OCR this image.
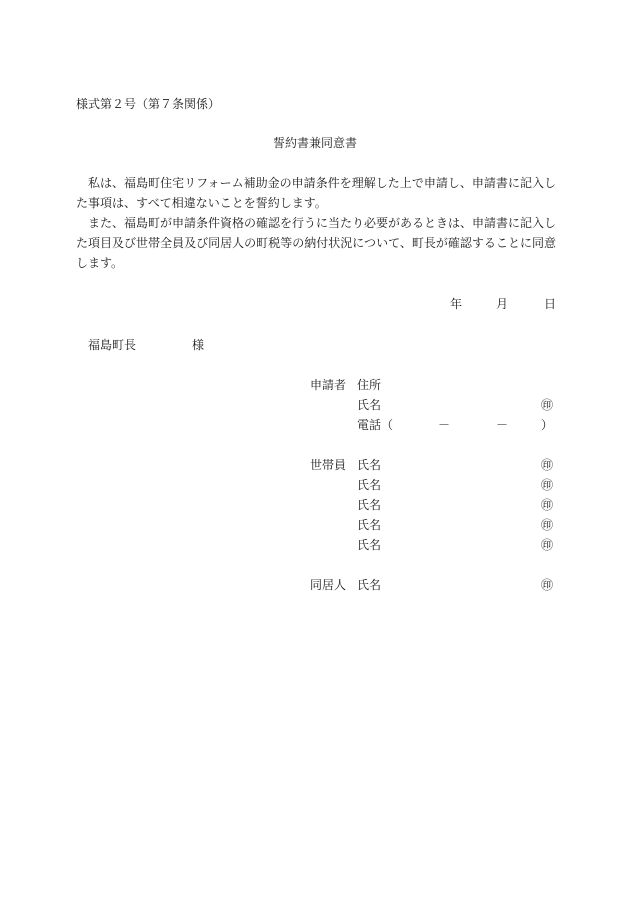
様式第２号（第７条関係）
誓約書兼同意書
私は、福島町住宅リフォーム補助金の申請条件を理解した上で申請し、申請書に記入した事項は、すべて相違ないことを誓約します。
また、福島町が申請条件資格の確認を行うに当たり必要があるときは、申請書に記入した項目及び世帯全員及び同居人の町税等の納付状況について、町長が確認することに同意します。
年	月	日
福島町長	様
申請者 住所
氏名	㊞
電話（	－	－	）
世帯員 氏名	㊞
氏名	㊞
氏名	㊞
氏名	㊞
氏名	㊞
同居人 氏名	㊞
